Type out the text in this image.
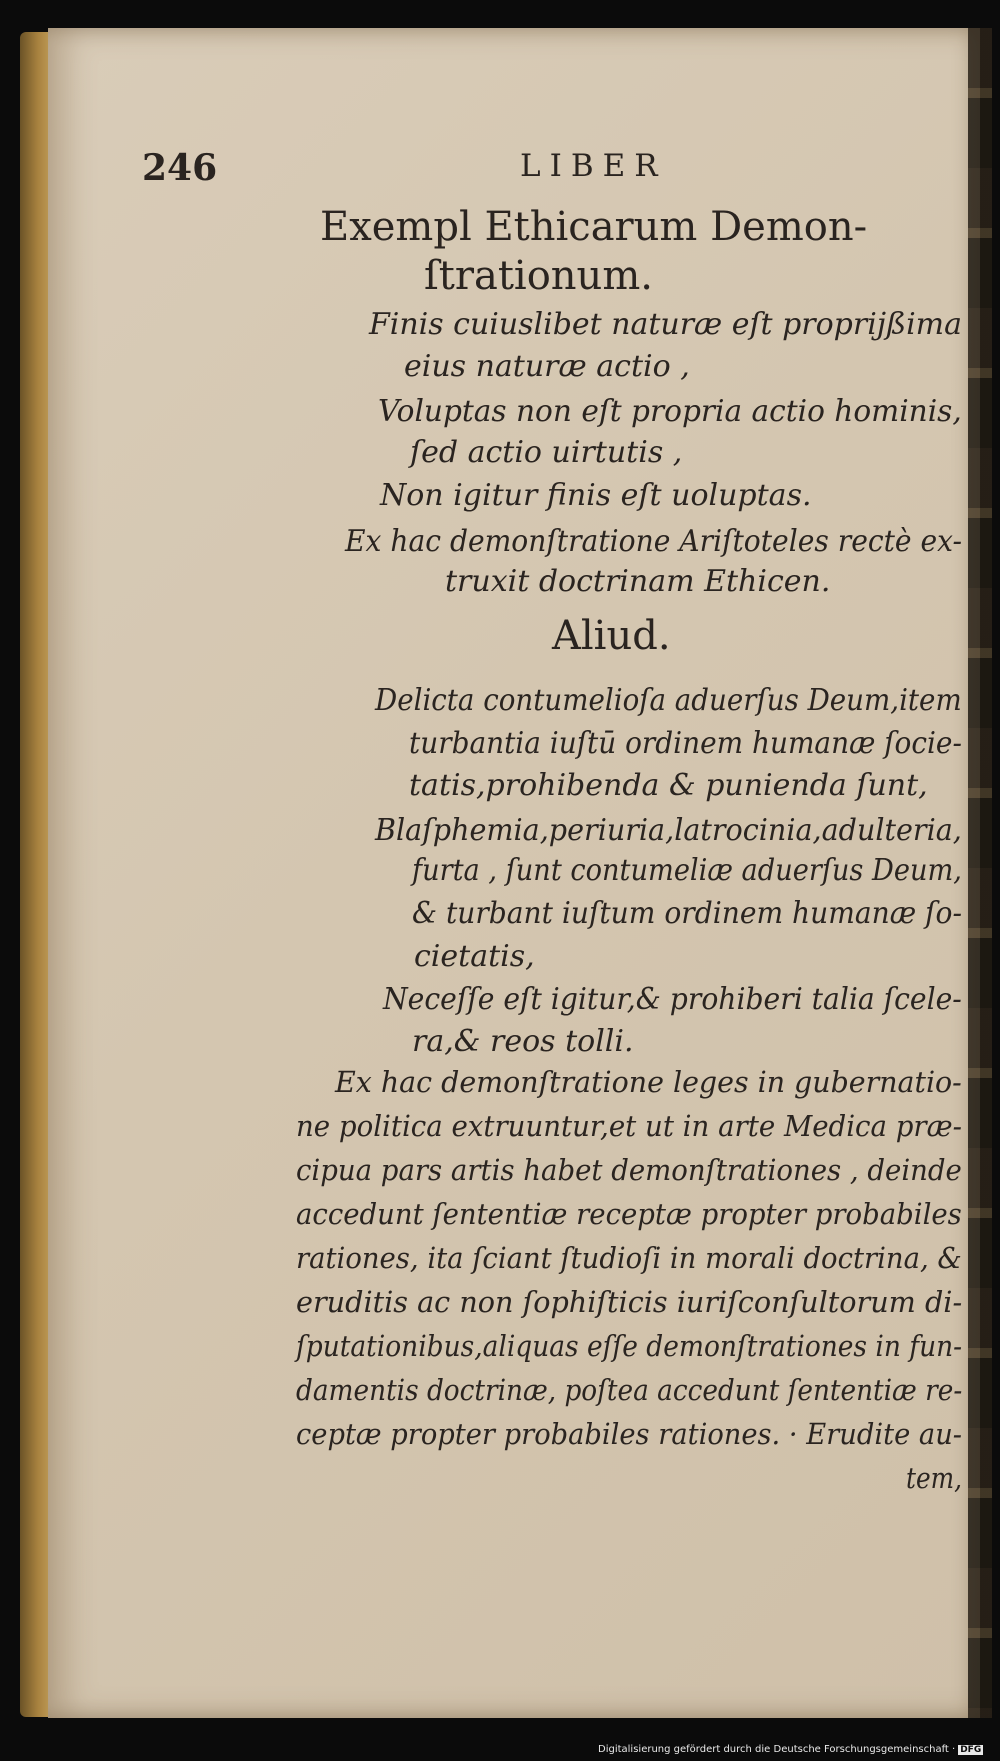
246	LIBER
Exempl Ethicarum Demon-
ſtrationum.
Finis cuiuslibet naturæ eſt proprijßima
eius naturæ actio ,
Voluptas non eſt propria actio hominis,
ſed actio uirtutis ,
Non igitur finis eſt uoluptas.
Ex hac demonſtratione Ariſtoteles rectè ex-
truxit doctrinam Ethicen.
Aliud.
Delicta contumelioſa aduerſus Deum,item
turbantia iuſtū ordinem humanæ ſocie-
tatis,prohibenda & punienda ſunt,
Blaſphemia,periuria,latrocinia,adulteria,
furta , ſunt contumeliæ aduerſus Deum,
& turbant iuſtum ordinem humanæ ſo-
cietatis,
Neceſſe eſt igitur,& prohiberi talia ſcele-
ra,& reos tolli.
Ex hac demonſtratione leges in gubernatio-
ne politica extruuntur,et ut in arte Medica præ-
cipua pars artis habet demonſtrationes , deinde
accedunt ſententiæ receptæ propter probabiles
rationes, ita ſciant ſtudioſi in morali doctrina, &
eruditis ac non ſophiſticis iuriſconſultorum di-
ſputationibus,aliquas eſſe demonſtrationes in fun-
damentis doctrinæ, poſtea accedunt ſententiæ re-
ceptæ propter probabiles rationes. · Erudite au-
tem,
Digitalisierung gefördert durch die Deutsche Forschungsgemeinschaft · DFG
